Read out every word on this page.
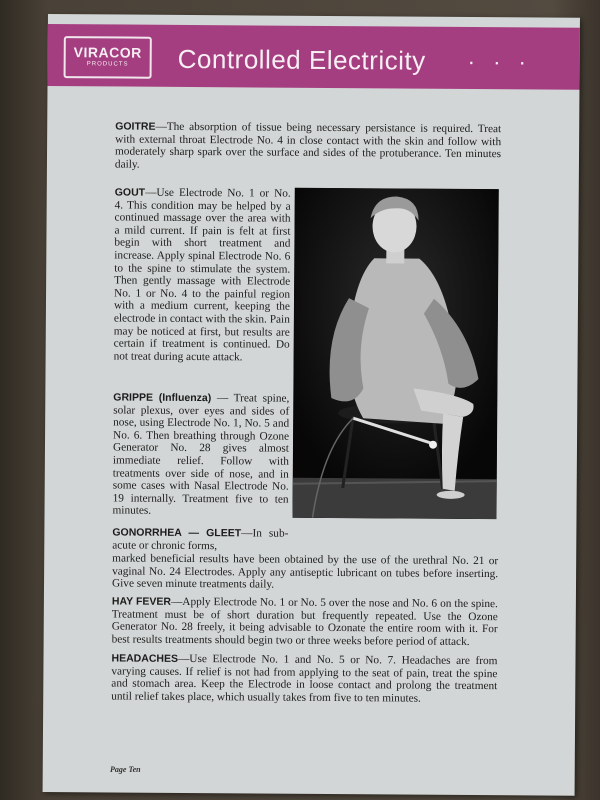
VIRACOR
PRODUCTS	Controlled Electricity · · ·
GOITRE—The absorption of tissue being necessary persistance is required. Treat with external throat Electrode No. 4 in close contact with the skin and follow with moderately sharp spark over the surface and sides of the protuberance. Ten minutes daily.
GOUT—Use Electrode No. 1 or No. 4. This condition may be helped by a continued massage over the area with a mild current. If pain is felt at first begin with short treatment and increase. Apply spinal Electrode No. 6 to the spine to stimulate the system. Then gently massage with Electrode No. 1 or No. 4 to the painful region with a medium current, keeping the electrode in contact with the skin. Pain may be noticed at first, but results are certain if treatment is continued. Do not treat during acute attack.
GRIPPE (Influenza) — Treat spine, solar plexus, over eyes and sides of nose, using Electrode No. 1, No. 5 and No. 6. Then breathing through Ozone Generator No. 28 gives almost immediate relief. Follow with treatments over side of nose, and in some cases with Nasal Electrode No. 19 internally. Treatment five to ten minutes.
GONORRHEA — GLEET—In sub-acute or chronic forms,
marked beneficial results have been obtained by the use of the urethral No. 21 or vaginal No. 24 Electrodes. Apply any antiseptic lubricant on tubes before inserting. Give seven minute treatments daily.
HAY FEVER—Apply Electrode No. 1 or No. 5 over the nose and No. 6 on the spine. Treatment must be of short duration but frequently repeated. Use the Ozone Generator No. 28 freely, it being advisable to Ozonate the entire room with it. For best results treatments should begin two or three weeks before period of attack.
HEADACHES—Use Electrode No. 1 and No. 5 or No. 7. Headaches are from varying causes. If relief is not had from applying to the seat of pain, treat the spine and stomach area. Keep the Electrode in loose contact and prolong the treatment until relief takes place, which usually takes from five to ten minutes.
Page Ten
